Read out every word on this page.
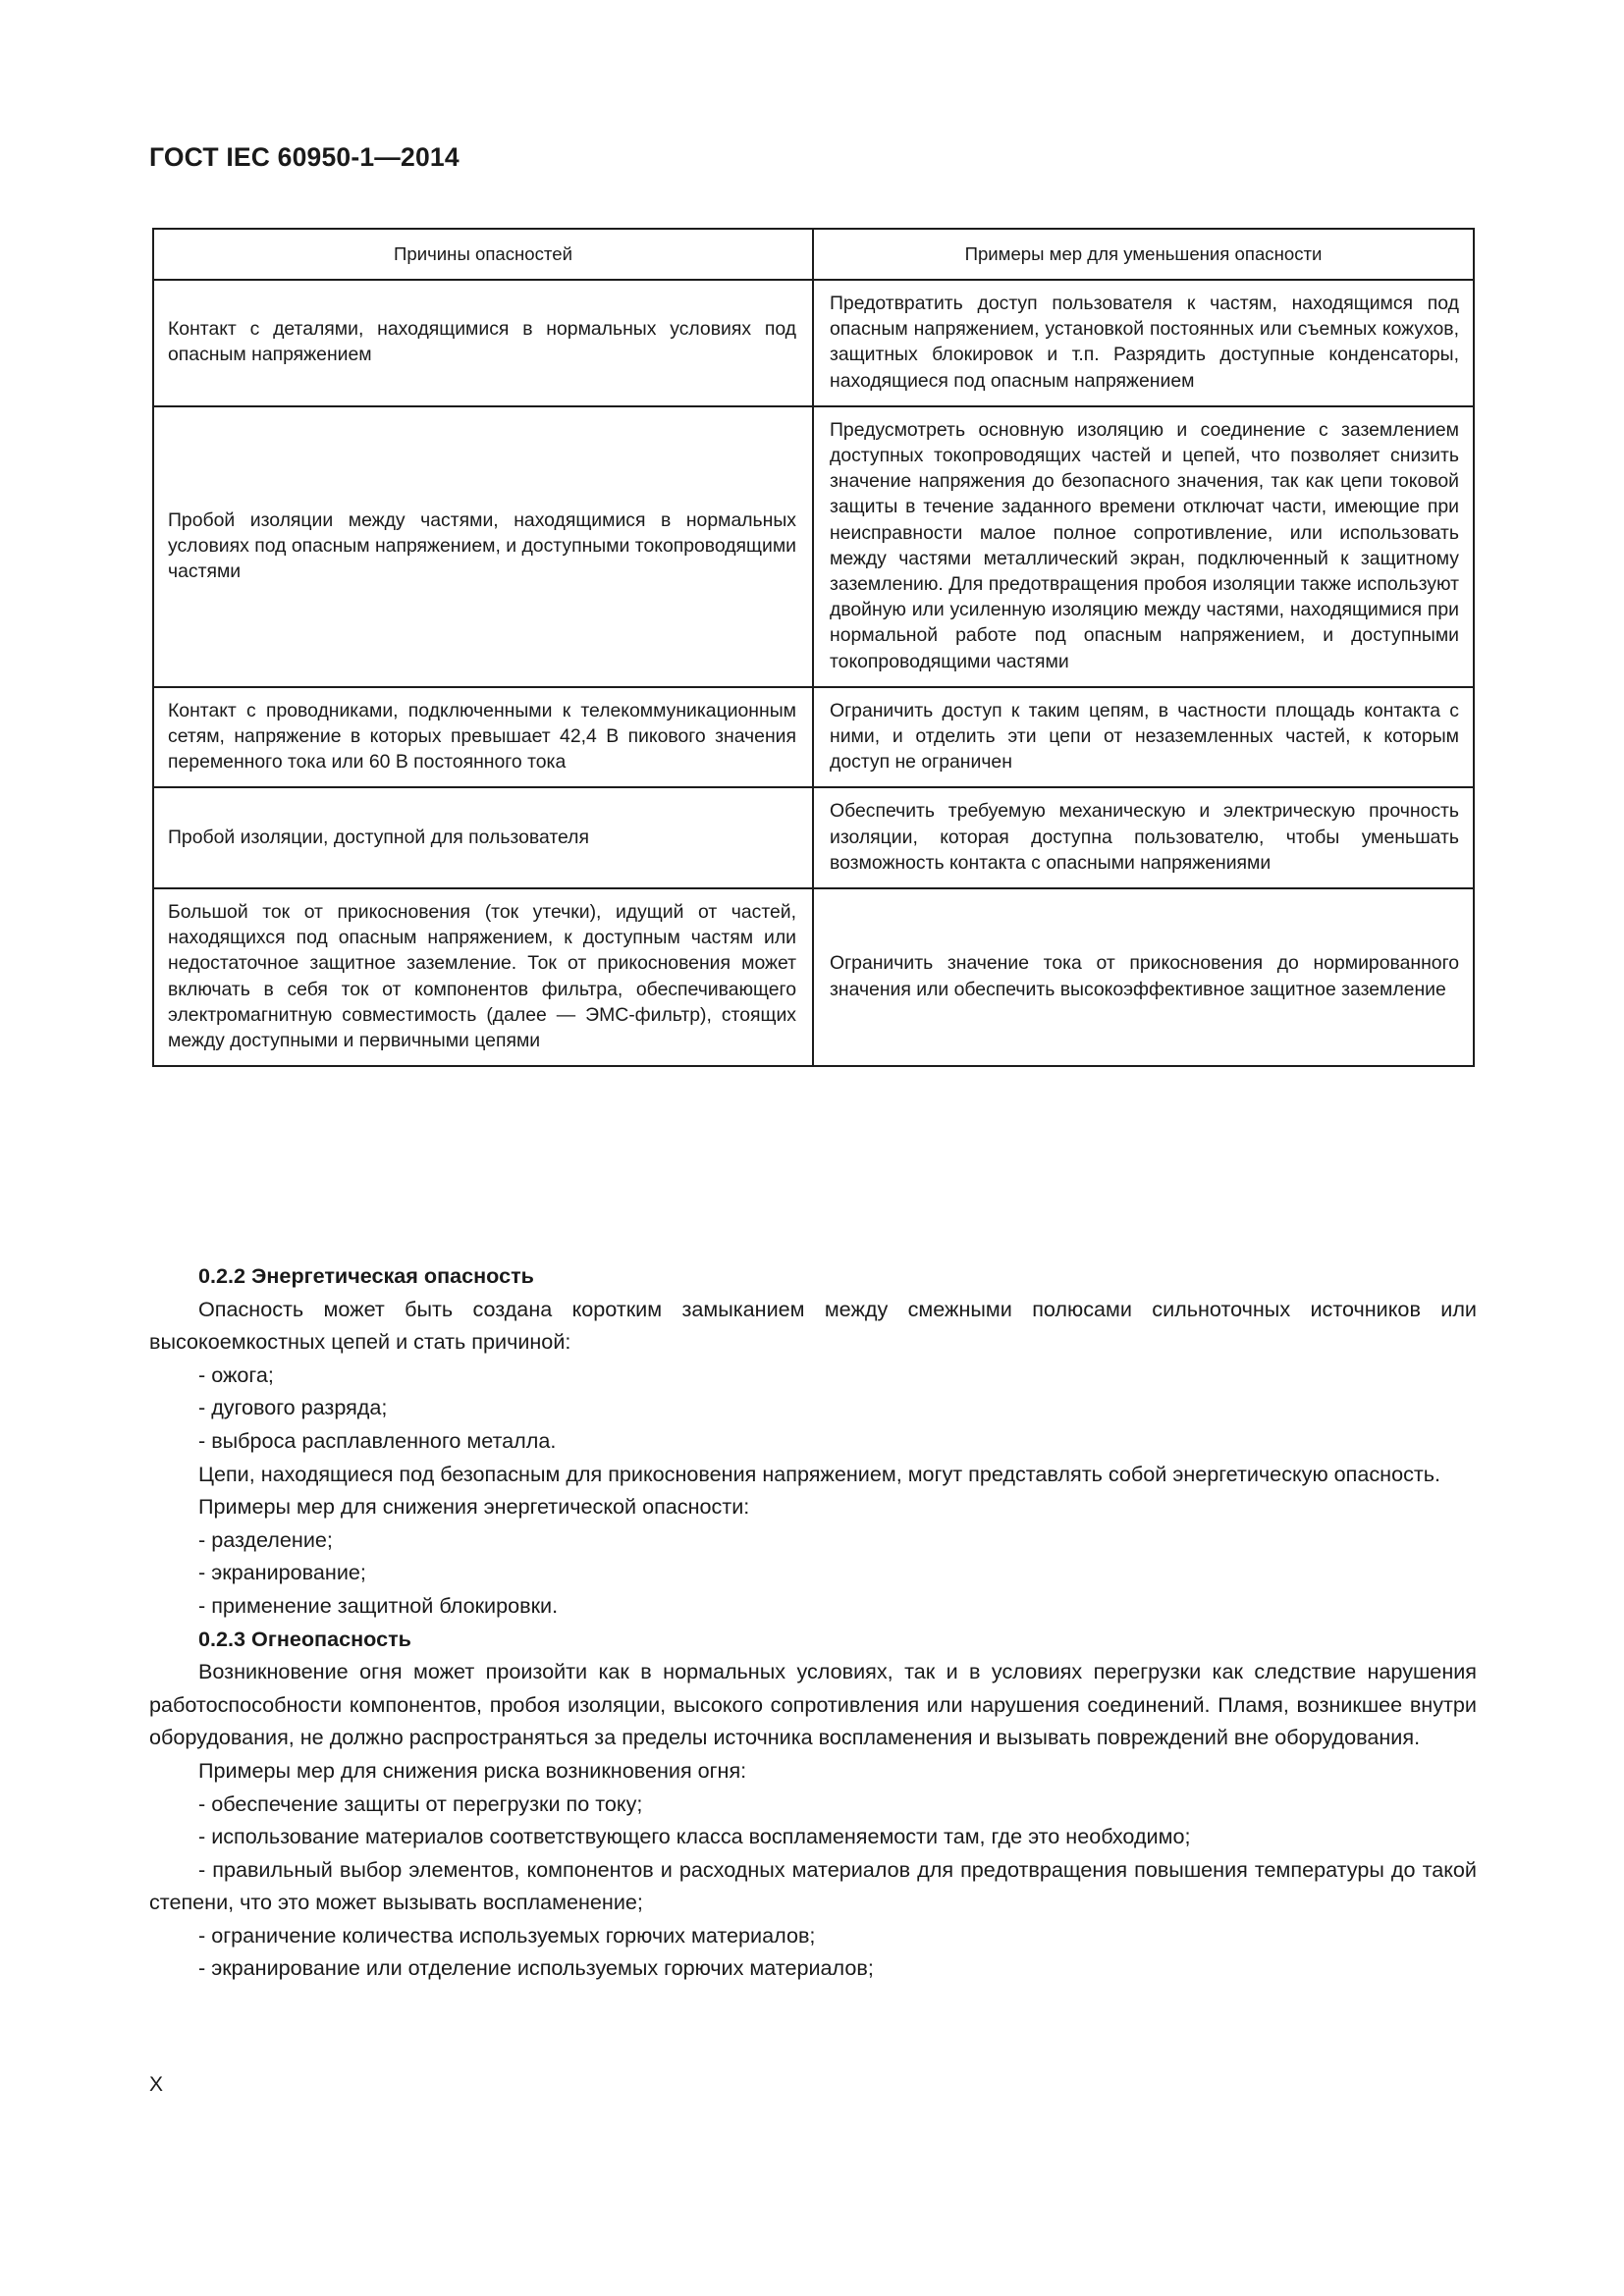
ГОСТ IEC 60950-1—2014
Причины опасностей	Примеры мер для уменьшения опасности

Контакт с деталями, находящимися в нормальных условиях под опасным напряжением	Предотвратить доступ пользователя к частям, находящимся под опасным напряжением, установкой постоянных или съемных кожухов, защитных блокировок и т.п. Разрядить доступные конденсаторы, находящиеся под опасным напряжением

Пробой изоляции между частями, находящимися в нормальных условиях под опасным напряжением, и доступными токопроводящими частями	Предусмотреть основную изоляцию и соединение с заземлением доступных токопроводящих частей и цепей, что позволяет снизить значение напряжения до безопасного значения, так как цепи токовой защиты в течение заданного времени отключат части, имеющие при неисправности малое полное сопротивление, или использовать между частями металлический экран, подключенный к защитному заземлению. Для предотвращения пробоя изоляции также используют двойную или усиленную изоляцию между частями, находящимися при нормальной работе под опасным напряжением, и доступными токопроводящими частями

Контакт с проводниками, подключенными к телекоммуникационным сетям, напряжение в которых превышает 42,4 В пикового значения переменного тока или 60 В постоянного тока	Ограничить доступ к таким цепям, в частности площадь контакта с ними, и отделить эти цепи от незаземленных частей, к которым доступ не ограничен

Пробой изоляции, доступной для пользователя	Обеспечить требуемую механическую и электрическую прочность изоляции, которая доступна пользователю, чтобы уменьшать возможность контакта с опасными напряжениями

Большой ток от прикосновения (ток утечки), идущий от частей, находящихся под опасным напряжением, к доступным частям или недостаточное защитное заземление. Ток от прикосновения может включать в себя ток от компонентов фильтра, обеспечивающего электромагнитную совместимость (далее — ЭМС-фильтр), стоящих между доступными и первичными цепями	Ограничить значение тока от прикосновения до нормированного значения или обеспечить высокоэффективное защитное заземление

0.2.2 Энергетическая опасность

Опасность может быть создана коротким замыканием между смежными полюсами сильноточных источников или высокоемкостных цепей и стать причиной:

- ожога;

- дугового разряда;

- выброса расплавленного металла.

Цепи, находящиеся под безопасным для прикосновения напряжением, могут представлять собой энергетическую опасность.

Примеры мер для снижения энергетической опасности:

- разделение;

- экранирование;

- применение защитной блокировки.

0.2.3 Огнеопасность

Возникновение огня может произойти как в нормальных условиях, так и в условиях перегрузки как следствие нарушения работоспособности компонентов, пробоя изоляции, высокого сопротивления или нарушения соединений. Пламя, возникшее внутри оборудования, не должно распространяться за пределы источника воспламенения и вызывать повреждений вне оборудования.

Примеры мер для снижения риска возникновения огня:

- обеспечение защиты от перегрузки по току;

- использование материалов соответствующего класса воспламеняемости там, где это необходимо;

- правильный выбор элементов, компонентов и расходных материалов для предотвращения повышения температуры до такой степени, что это может вызывать воспламенение;

- ограничение количества используемых горючих материалов;

- экранирование или отделение используемых горючих материалов;

X
